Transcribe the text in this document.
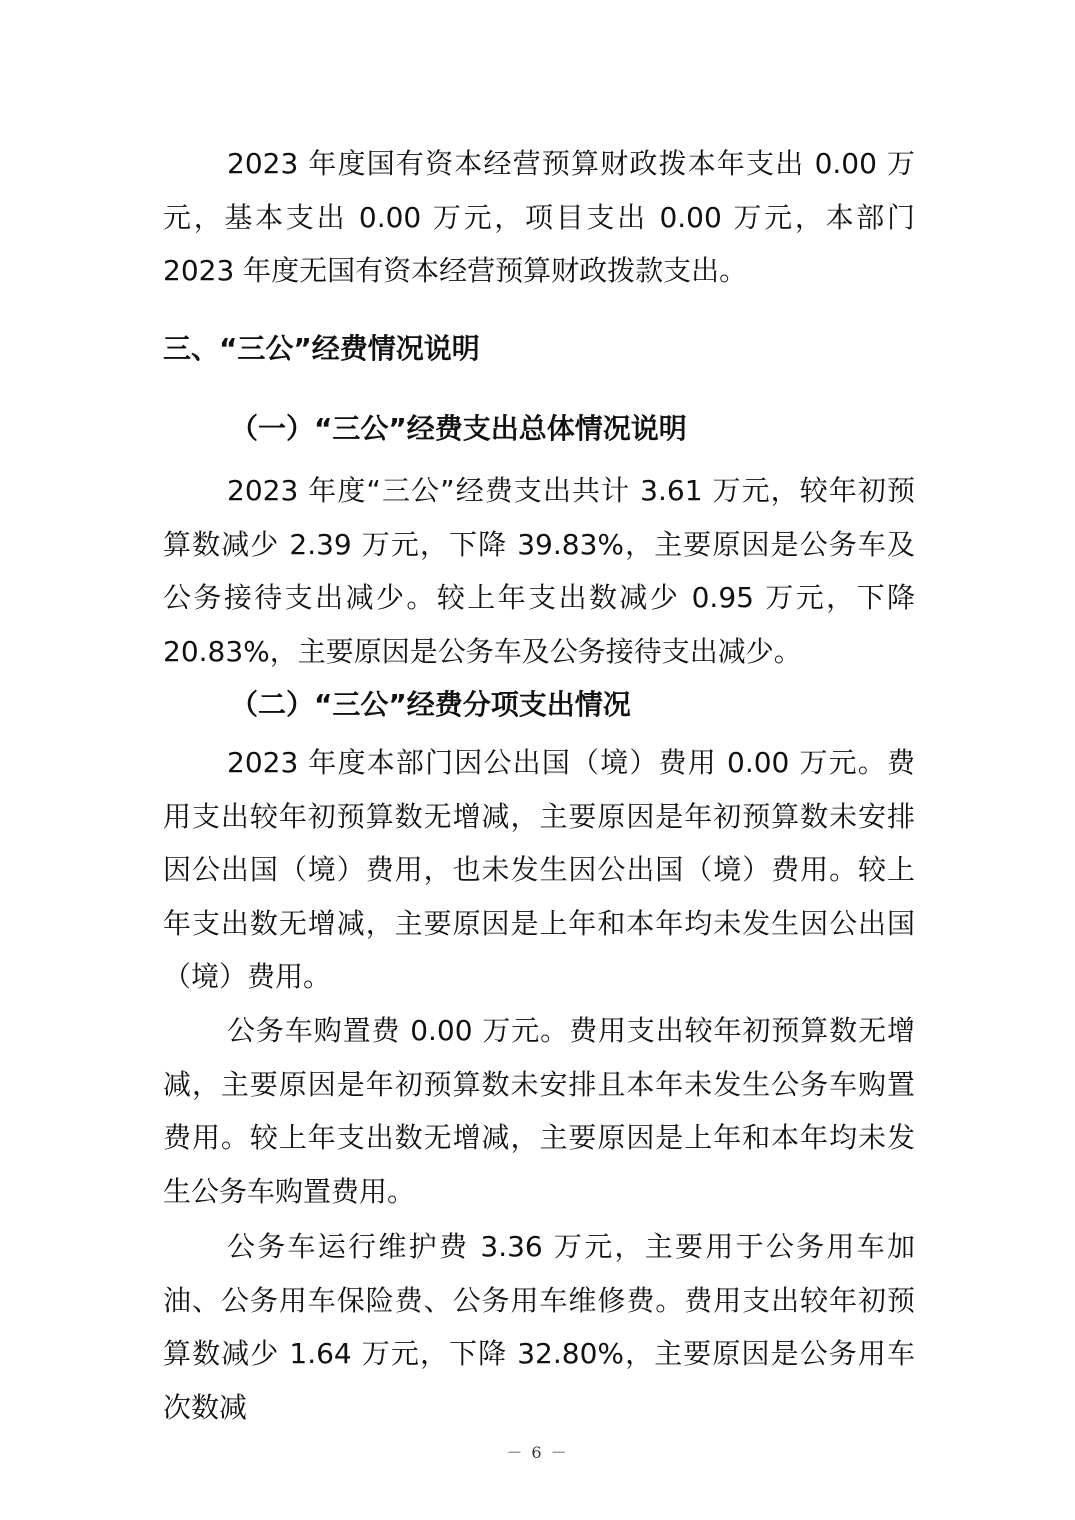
2023 年度国有资本经营预算财政拨本年支出 0.00 万元，基本支出 0.00 万元，项目支出 0.00 万元，本部门 2023 年度无国有资本经营预算财政拨款支出。

三、“三公”经费情况说明

（一）“三公”经费支出总体情况说明

2023 年度“三公”经费支出共计 3.61 万元，较年初预算数减少 2.39 万元，下降 39.83%，主要原因是公务车及公务接待支出减少。较上年支出数减少 0.95 万元，下降 20.83%，主要原因是公务车及公务接待支出减少。

（二）“三公”经费分项支出情况

2023 年度本部门因公出国（境）费用 0.00 万元。费用支出较年初预算数无增减，主要原因是年初预算数未安排因公出国（境）费用，也未发生因公出国（境）费用。较上年支出数无增减，主要原因是上年和本年均未发生因公出国（境）费用。

公务车购置费 0.00 万元。费用支出较年初预算数无增减，主要原因是年初预算数未安排且本年未发生公务车购置费用。较上年支出数无增减，主要原因是上年和本年均未发生公务车购置费用。

公务车运行维护费 3.36 万元，主要用于公务用车加油、公务用车保险费、公务用车维修费。费用支出较年初预算数减少 1.64 万元，下降 32.80%，主要原因是公务用车次数减

－ 6 －
